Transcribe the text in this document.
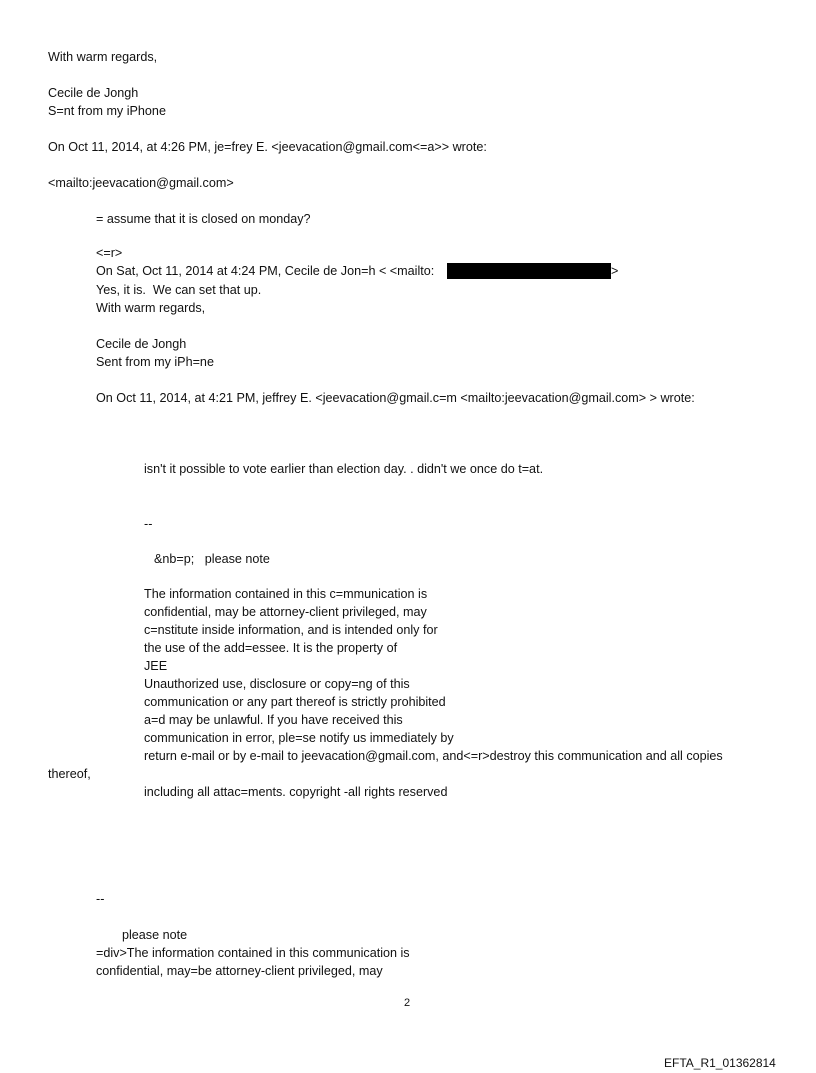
With warm regards,
Cecile de Jongh
S=nt from my iPhone
On Oct 11, 2014, at 4:26 PM, je=frey E. <jeevacation@gmail.com<=a>> wrote:
<mailto:jeevacation@gmail.com>
= assume that it is closed on monday?
<=r>
On Sat, Oct 11, 2014 at 4:24 PM, Cecile de Jon=h < <mailto:	>
Yes, it is.  We can set that up.
With warm regards,
Cecile de Jongh
Sent from my iPh=ne
On Oct 11, 2014, at 4:21 PM, jeffrey E. <jeevacation@gmail.c=m <mailto:jeevacation@gmail.com> > wrote:
isn't it possible to vote earlier than election day. . didn't we once do t=at.
--
&nb=p;   please note
The information contained in this c=mmunication is
confidential, may be attorney-client privileged, may
c=nstitute inside information, and is intended only for
the use of the add=essee. It is the property of
JEE
Unauthorized use, disclosure or copy=ng of this
communication or any part thereof is strictly prohibited
a=d may be unlawful. If you have received this
communication in error, ple=se notify us immediately by
return e-mail or by e-mail to jeevacation@gmail.com, and<=r>destroy this communication and all copies
thereof,
including all attac=ments. copyright -all rights reserved
--
please note
=div>The information contained in this communication is
confidential, may=be attorney-client privileged, may
2
EFTA_R1_01362814
